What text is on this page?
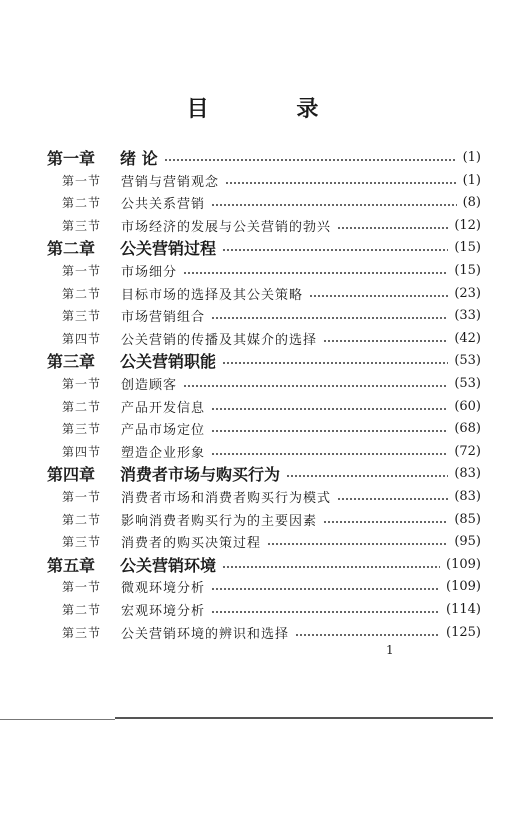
目 录
第一章 绪 论	(1)
第一节 营销与营销观念	(1)
第二节 公共关系营销	(8)
第三节 市场经济的发展与公关营销的勃兴	(12)
第二章 公关营销过程	(15)
第一节 市场细分	(15)
第二节 目标市场的选择及其公关策略	(23)
第三节 市场营销组合	(33)
第四节 公关营销的传播及其媒介的选择	(42)
第三章 公关营销职能	(53)
第一节 创造顾客	(53)
第二节 产品开发信息	(60)
第三节 产品市场定位	(68)
第四节 塑造企业形象	(72)
第四章 消费者市场与购买行为	(83)
第一节 消费者市场和消费者购买行为模式	(83)
第二节 影响消费者购买行为的主要因素	(85)
第三节 消费者的购买决策过程	(95)
第五章 公关营销环境	(109)
第一节 微观环境分析	(109)
第二节 宏观环境分析	(114)
第三节 公关营销环境的辨识和选择	(125)
1
